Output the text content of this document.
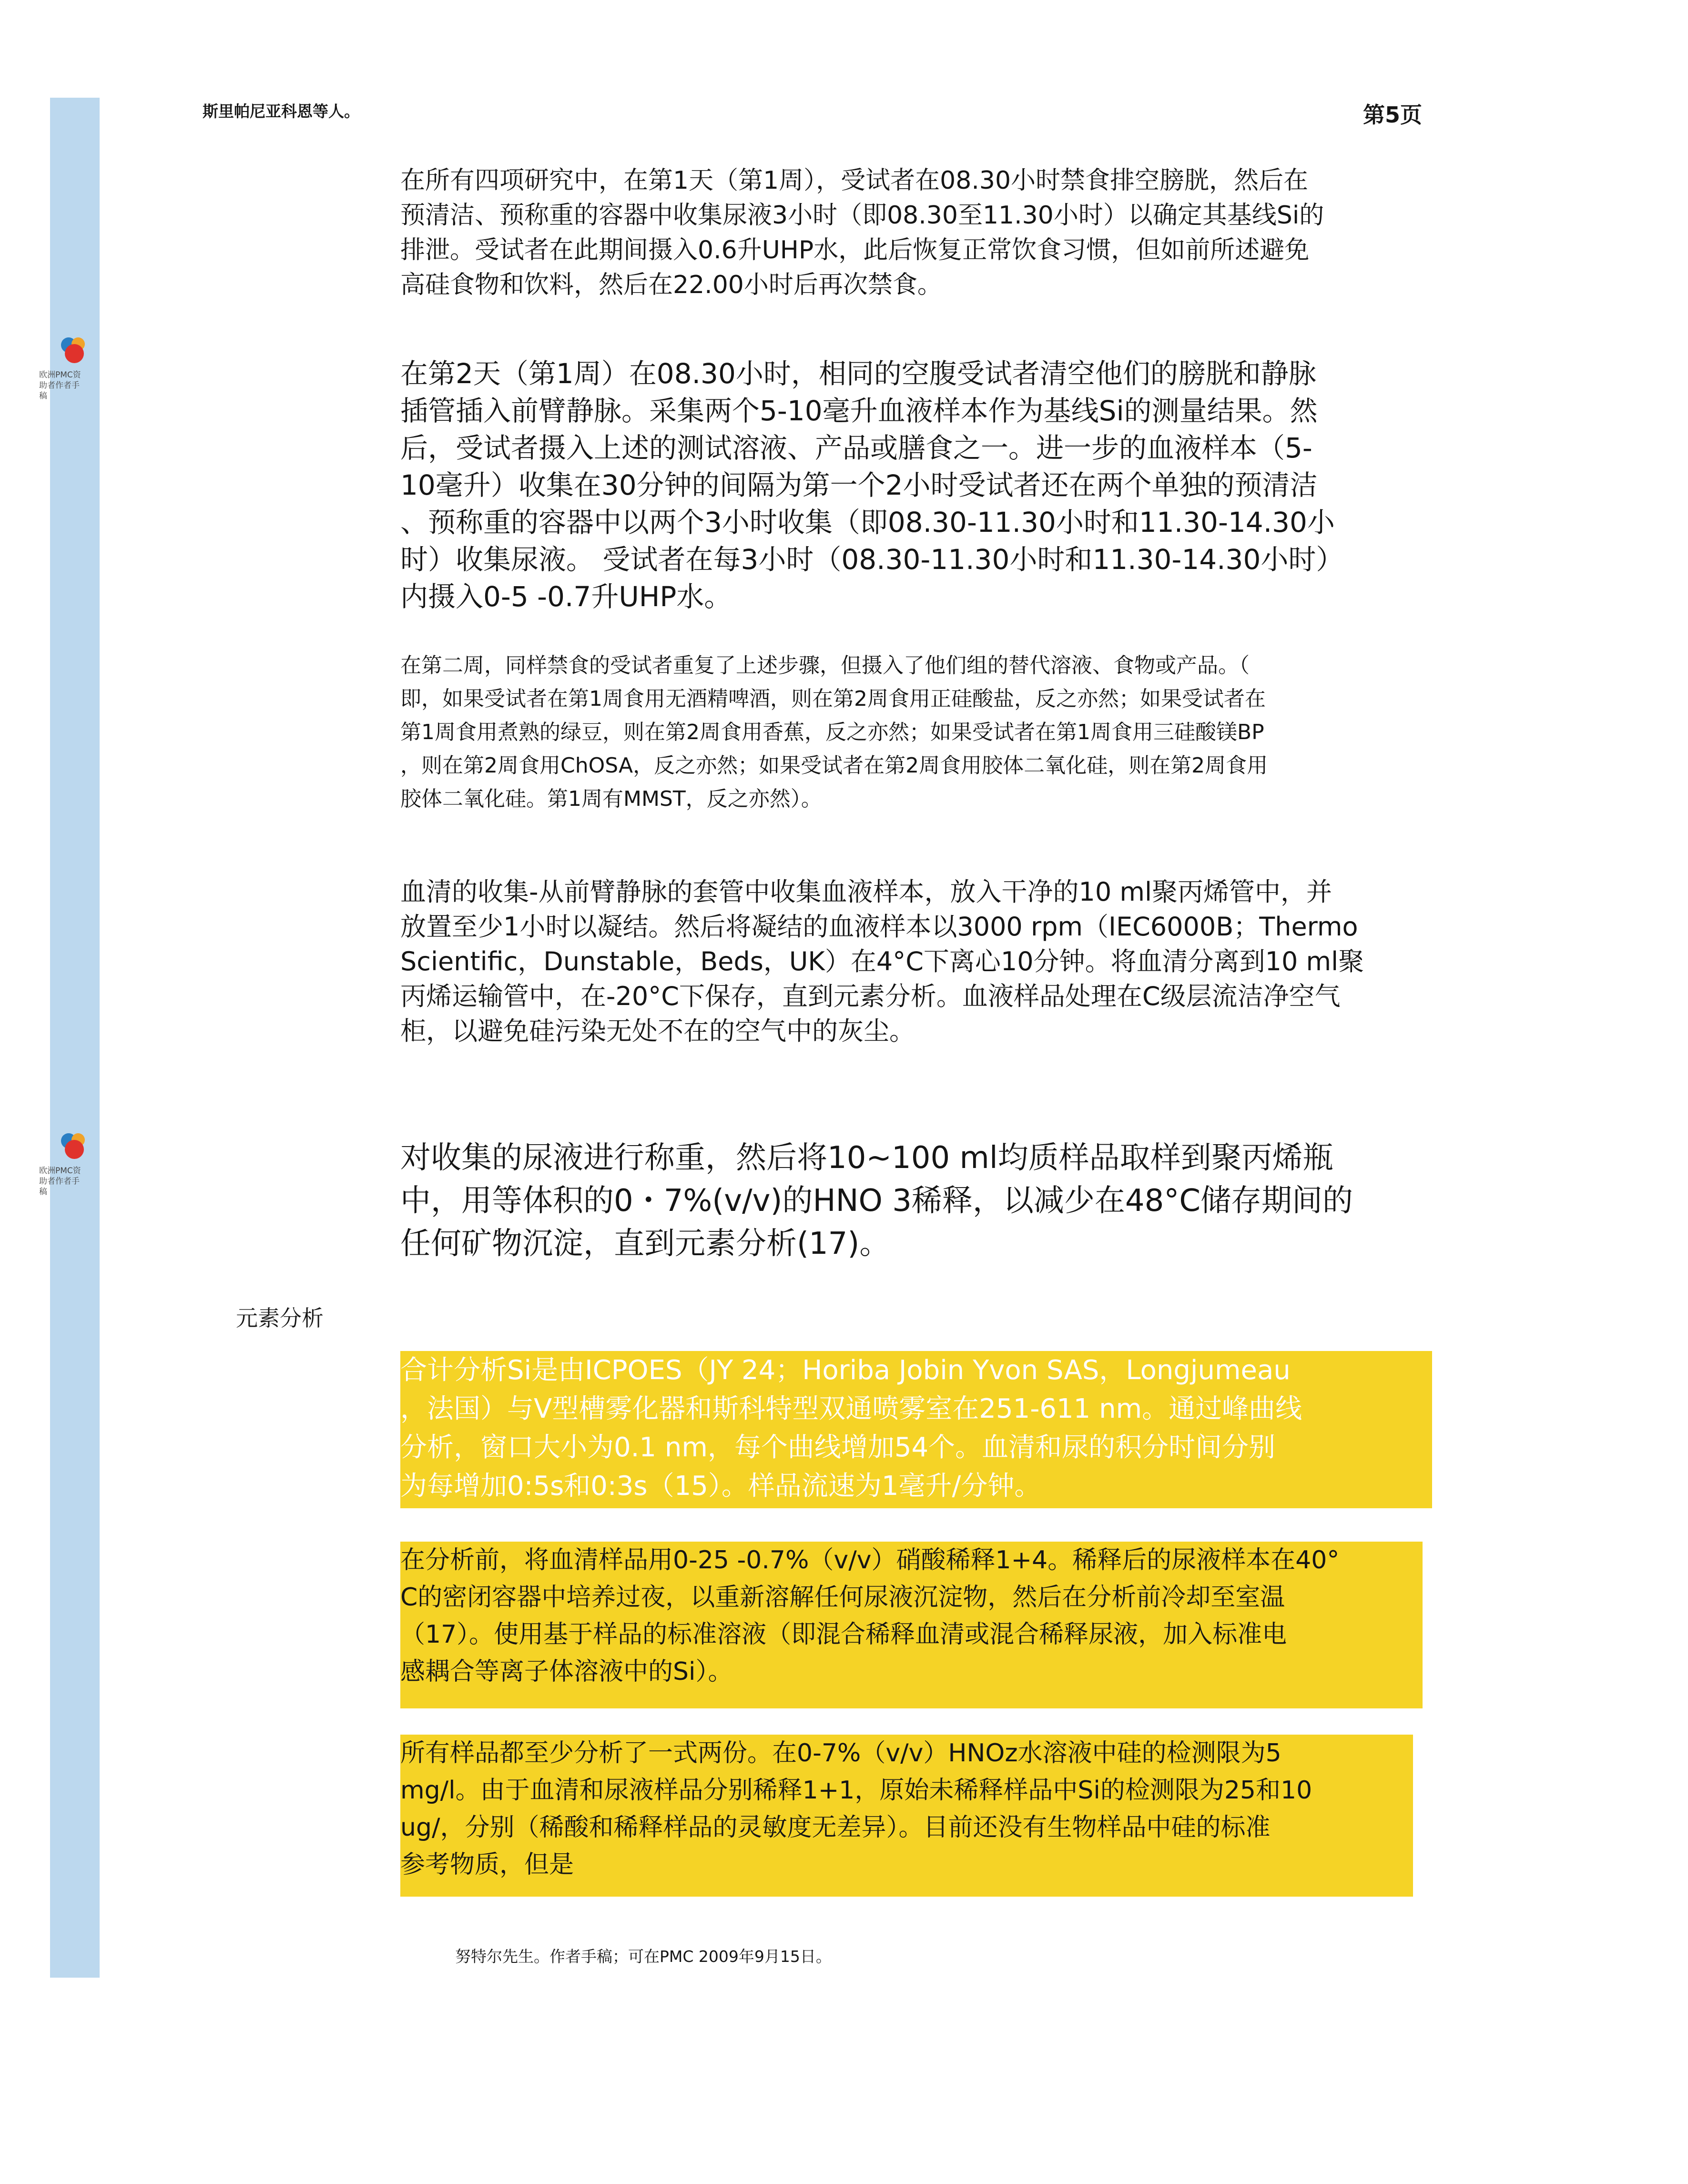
欧洲PMC资
助者作者手
稿

欧洲PMC资
助者作者手
稿

斯里帕尼亚科恩等人。	第5页

在所有四项研究中，在第1天（第1周），受试者在08.30小时禁食排空膀胱，然后在
预清洁、预称重的容器中收集尿液3小时（即08.30至11.30小时）以确定其基线Si的
排泄。受试者在此期间摄入0.6升UHP水，此后恢复正常饮食习惯，但如前所述避免
高硅食物和饮料，然后在22.00小时后再次禁食。

在第2天（第1周）在08.30小时，相同的空腹受试者清空他们的膀胱和静脉
插管插入前臂静脉。采集两个5-10毫升血液样本作为基线Si的测量结果。然
后，受试者摄入上述的测试溶液、产品或膳食之一。进一步的血液样本（5-
10毫升）收集在30分钟的间隔为第一个2小时受试者还在两个单独的预清洁
、预称重的容器中以两个3小时收集（即08.30-11.30小时和11.30-14.30小
时）收集尿液。 受试者在每3小时（08.30-11.30小时和11.30-14.30小时）
内摄入0-5 -0.7升UHP水。

在第二周，同样禁食的受试者重复了上述步骤，但摄入了他们组的替代溶液、食物或产品。（
即，如果受试者在第1周食用无酒精啤酒，则在第2周食用正硅酸盐，反之亦然；如果受试者在
第1周食用煮熟的绿豆，则在第2周食用香蕉，反之亦然；如果受试者在第1周食用三硅酸镁BP
，则在第2周食用ChOSA，反之亦然；如果受试者在第2周食用胶体二氧化硅，则在第2周食用
胶体二氧化硅。第1周有MMST，反之亦然）。

血清的收集-从前臂静脉的套管中收集血液样本，放入干净的10 ml聚丙烯管中，并
放置至少1小时以凝结。然后将凝结的血液样本以3000 rpm（IEC6000B；Thermo
Scientific，Dunstable，Beds，UK）在4°C下离心10分钟。将血清分离到10 ml聚
丙烯运输管中，在-20°C下保存，直到元素分析。血液样品处理在C级层流洁净空气
柜，以避免硅污染无处不在的空气中的灰尘。

对收集的尿液进行称重，然后将10~100 ml均质样品取样到聚丙烯瓶
中，用等体积的0・7%(v/v)的HNO 3稀释，以减少在48°C储存期间的
任何矿物沉淀，直到元素分析(17)。

元素分析

合计分析Si是由ICPOES（JY 24；Horiba Jobin Yvon SAS，Longjumeau
，法国）与V型槽雾化器和斯科特型双通喷雾室在251-611 nm。通过峰曲线
分析，窗口大小为0.1 nm，每个曲线增加54个。血清和尿的积分时间分别
为每增加0:5s和0:3s（15）。样品流速为1毫升/分钟。

在分析前，将血清样品用0-25 -0.7%（v/v）硝酸稀释1+4。稀释后的尿液样本在40°
C的密闭容器中培养过夜，以重新溶解任何尿液沉淀物，然后在分析前冷却至室温
（17）。使用基于样品的标准溶液（即混合稀释血清或混合稀释尿液，加入标准电
感耦合等离子体溶液中的Si）。

所有样品都至少分析了一式两份。在0-7%（v/v）HNOz水溶液中硅的检测限为5
mg/l。由于血清和尿液样品分别稀释1+1，原始未稀释样品中Si的检测限为25和10
ug/，分别（稀酸和稀释样品的灵敏度无差异）。目前还没有生物样品中硅的标准
参考物质，但是

努特尔先生。作者手稿；可在PMC 2009年9月15日。
